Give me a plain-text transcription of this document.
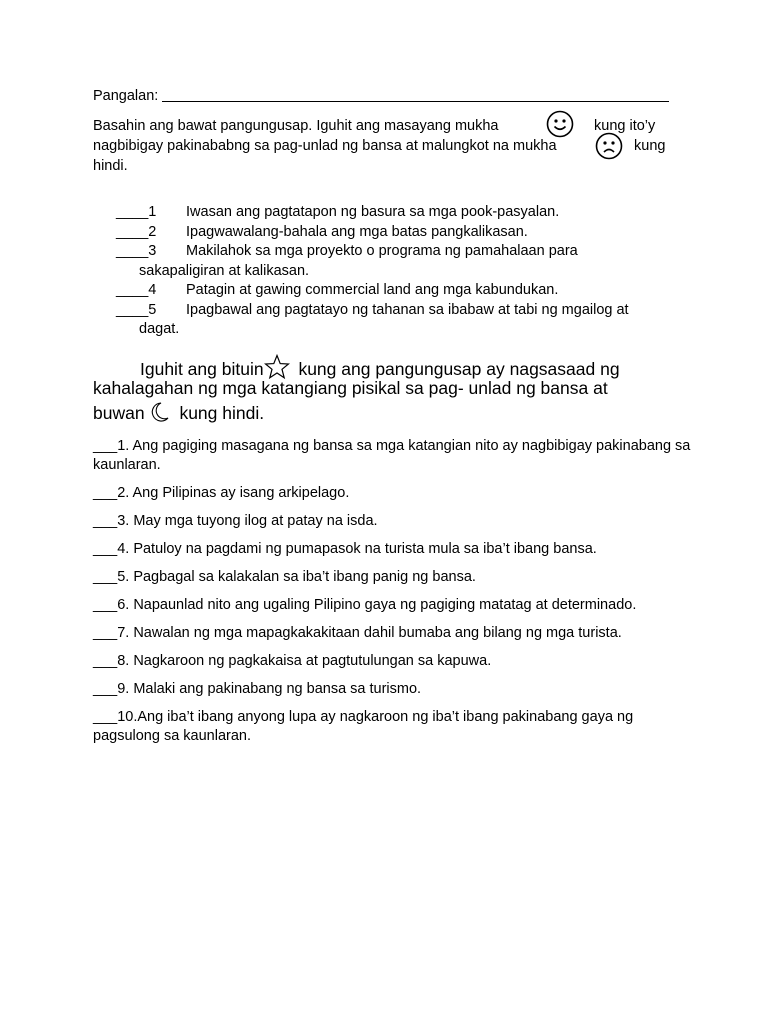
Pangalan:
Basahin ang bawat pangungusap. Iguhit ang masayang mukha	kung ito’y
nagbibigay pakinababng sa pag-unlad ng bansa at malungkot na mukha	kung
hindi.
____1	Iwasan ang pagtatapon ng basura sa mga pook-pasyalan.
____2	Ipagwawalang-bahala ang mga batas pangkalikasan.
____3	Makilahok sa mga proyekto o programa ng pamahalaan para
sakapaligiran at kalikasan.
____4	Patagin at gawing commercial land ang mga kabundukan.
____5	Ipagbawal ang pagtatayo ng tahanan sa ibabaw at tabi ng mgailog at
dagat.
Iguhit ang bituin kung ang pangungusap ay nagsasaad ng
kahalagahan ng mga katangiang pisikal sa pag- unlad ng bansa at
buwan kung hindi.
___1. Ang pagiging masagana ng bansa sa mga katangian nito ay nagbibigay pakinabang sa kaunlaran.
___2. Ang Pilipinas ay isang arkipelago.
___3. May mga tuyong ilog at patay na isda.
___4. Patuloy na pagdami ng pumapasok na turista mula sa iba’t ibang bansa.
___5. Pagbagal sa kalakalan sa iba’t ibang panig ng bansa.
___6. Napaunlad nito ang ugaling Pilipino gaya ng pagiging matatag at determinado.
___7. Nawalan ng mga mapagkakakitaan dahil bumaba ang bilang ng mga turista.
___8. Nagkaroon ng pagkakaisa at pagtutulungan sa kapuwa.
___9. Malaki ang pakinabang ng bansa sa turismo.
___10.Ang iba’t ibang anyong lupa ay nagkaroon ng iba’t ibang pakinabang gaya ng pagsulong sa kaunlaran.
